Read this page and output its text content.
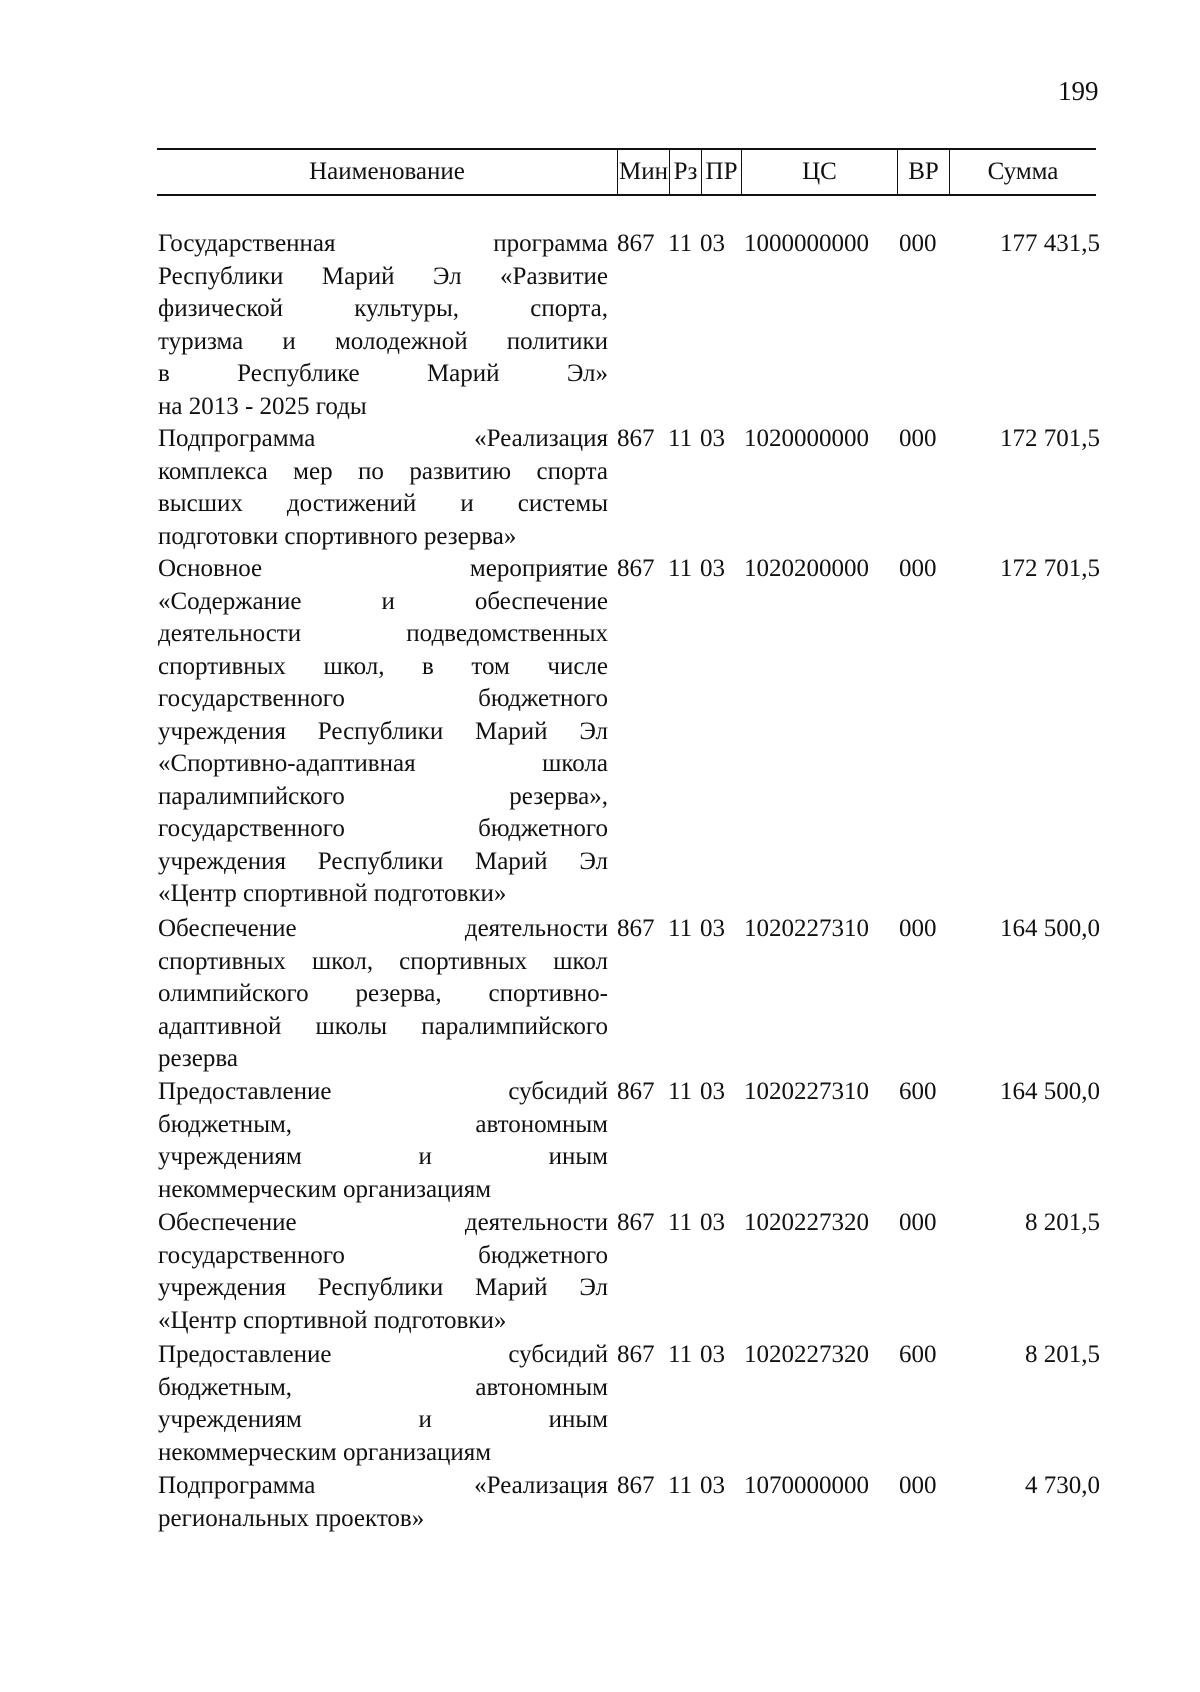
199
Наименование	Мин Рз ПР	ЦС	ВР	Сумма
Государственная программа
Республики Марий Эл «Развитие
физической культуры, спорта,
туризма и молодежной политики
в Республике Марий Эл»
на 2013 - 2025 годы
867 11 03 1000000000 000	177 431,5
Подпрограмма «Реализация
комплекса мер по развитию спорта
высших достижений и системы
подготовки спортивного резерва»
867 11 03 1020000000 000	172 701,5
Основное мероприятие
«Содержание и обеспечение
деятельности подведомственных
спортивных школ, в том числе
государственного бюджетного
учреждения Республики Марий Эл
«Спортивно-адаптивная школа
паралимпийского резерва»,
государственного бюджетного
учреждения Республики Марий Эл
«Центр спортивной подготовки»
867 11 03 1020200000 000	172 701,5
Обеспечение деятельности
спортивных школ, спортивных школ
олимпийского резерва, спортивно-
адаптивной школы паралимпийского
резерва
867 11 03 1020227310 000	164 500,0
Предоставление субсидий
бюджетным, автономным
учреждениям и иным
некоммерческим организациям
867 11 03 1020227310 600	164 500,0
Обеспечение деятельности
государственного бюджетного
учреждения Республики Марий Эл
«Центр спортивной подготовки»
867 11 03 1020227320 000	8 201,5
Предоставление субсидий
бюджетным, автономным
учреждениям и иным
некоммерческим организациям
867 11 03 1020227320 600	8 201,5
Подпрограмма «Реализация
региональных проектов»
867 11 03 1070000000 000	4 730,0
